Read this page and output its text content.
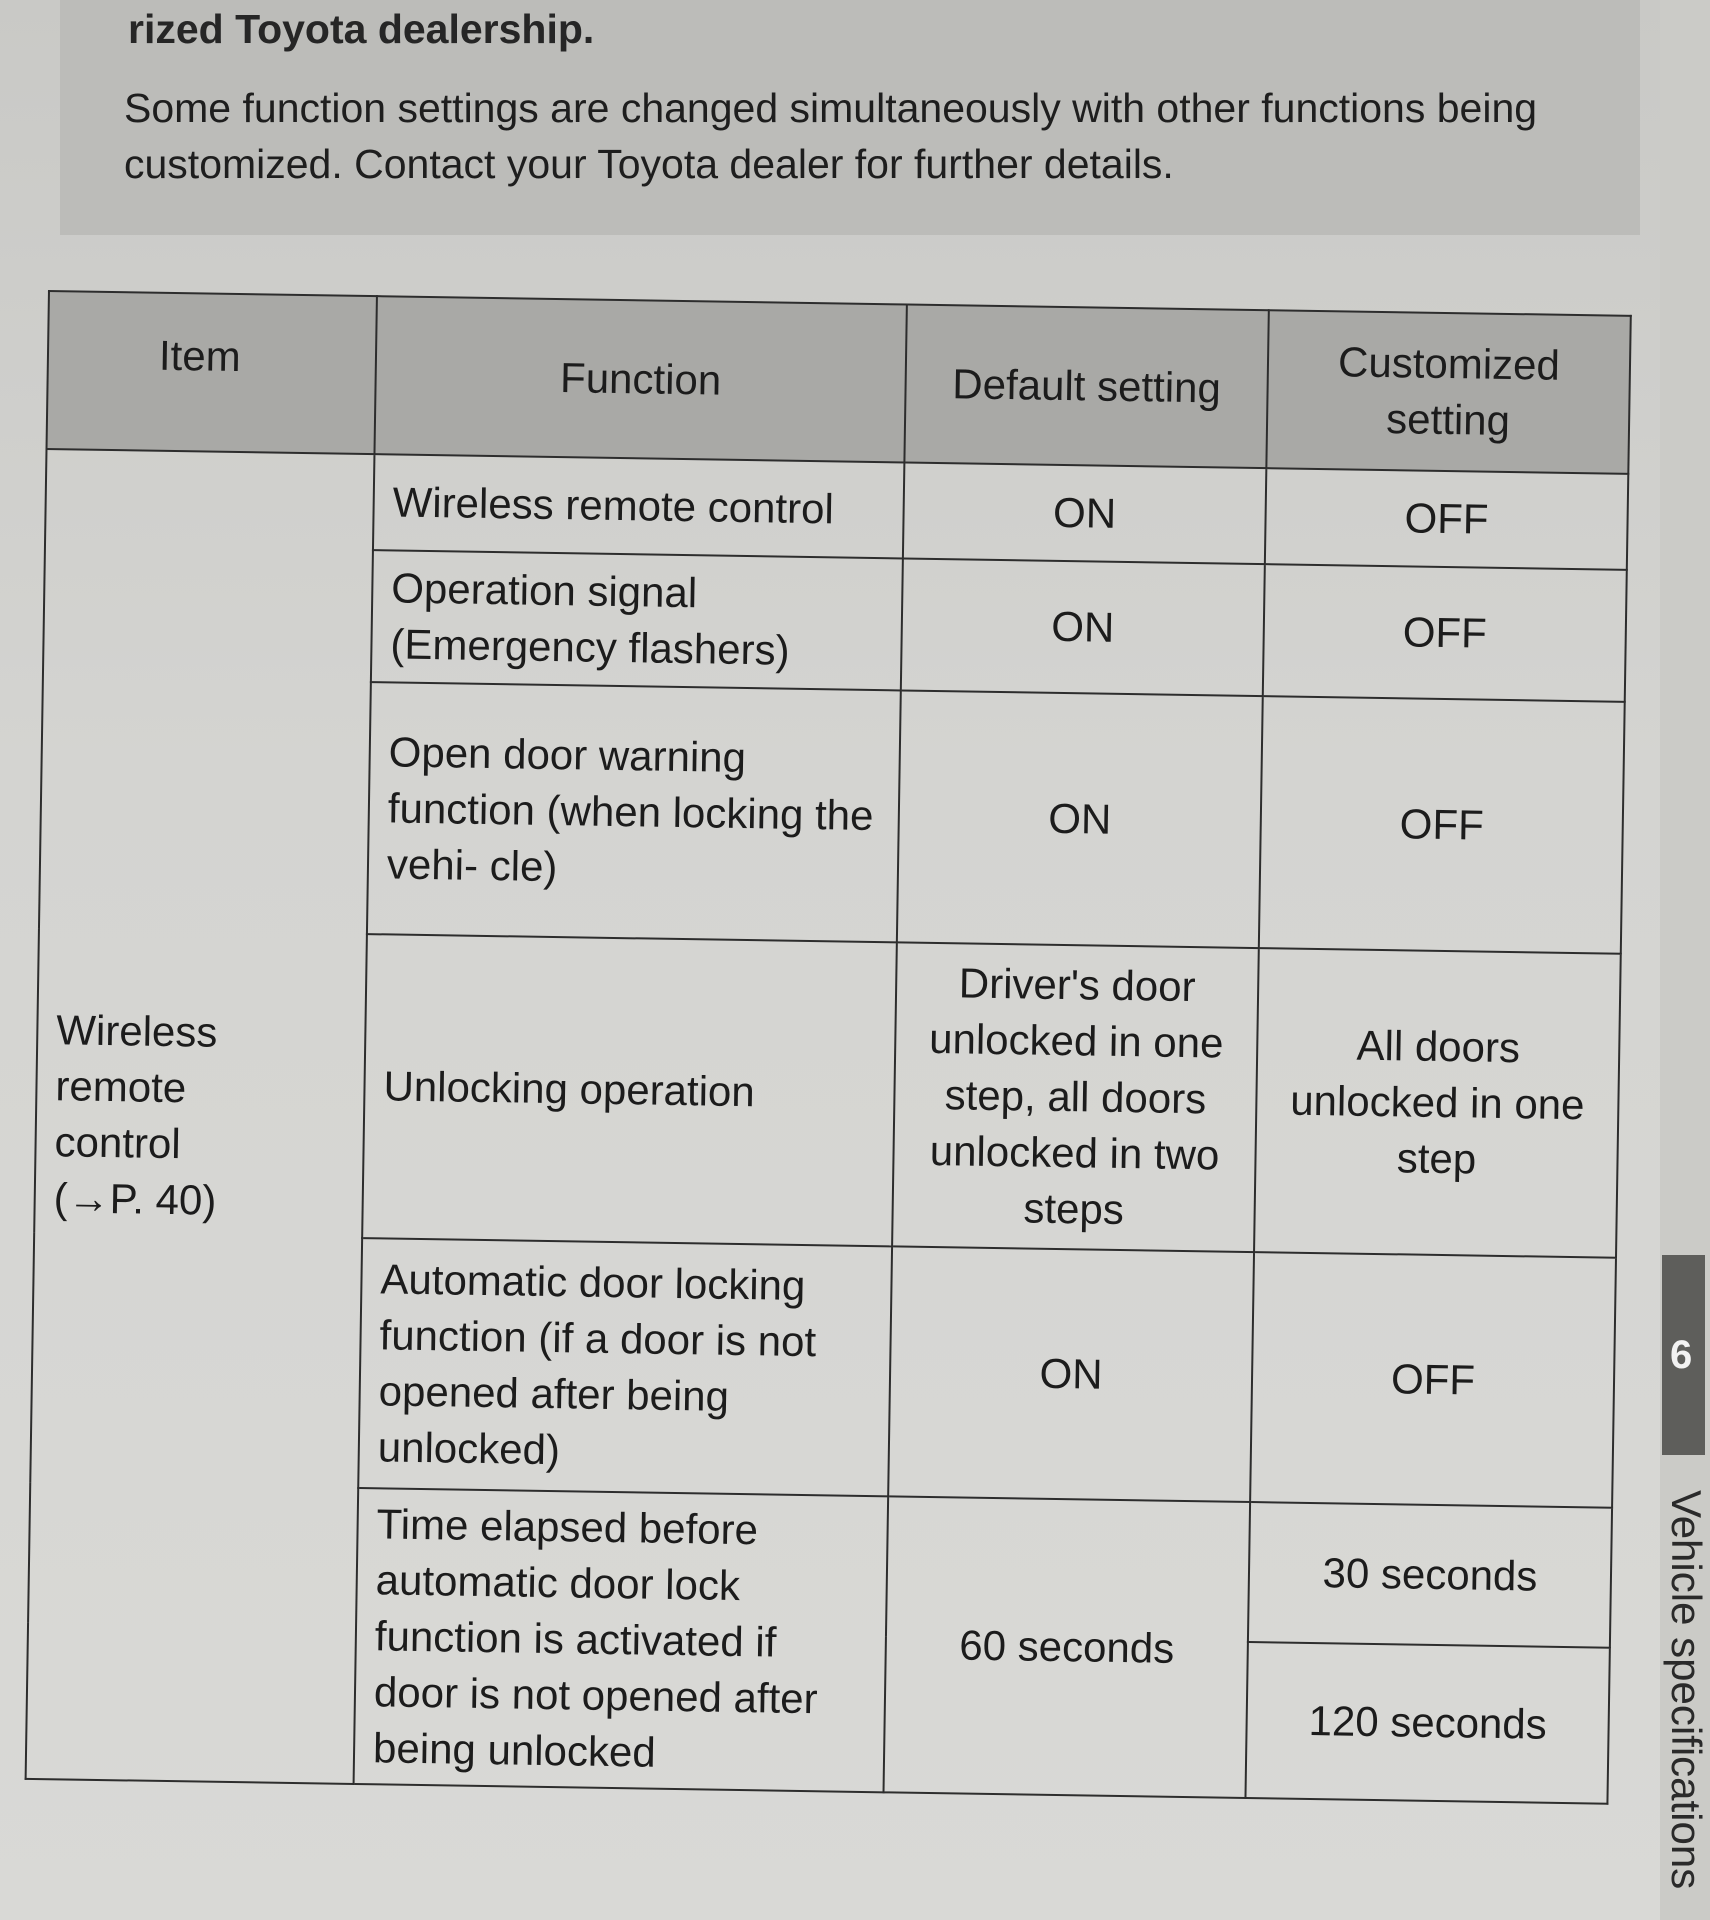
rized Toyota dealership.

Some function settings are changed simultaneously with other functions being customized. Contact your Toyota dealer for further details.

Item	Function	Default setting	Customized setting

Wireless remote control
(→P. 40)	Wireless remote control	ON	OFF
	Operation signal (Emergency flashers)	ON	OFF
	Open door warning function (when locking the vehi- cle)	ON	OFF
	Unlocking operation	Driver's door unlocked in one step, all doors unlocked in two steps	All doors unlocked in one step
	Automatic door locking function (if a door is not opened after being unlocked)	ON	OFF
	Time elapsed before automatic door lock function is activated if door is not opened after being unlocked	60 seconds	30 seconds
			120 seconds
6
Vehicle specifications
